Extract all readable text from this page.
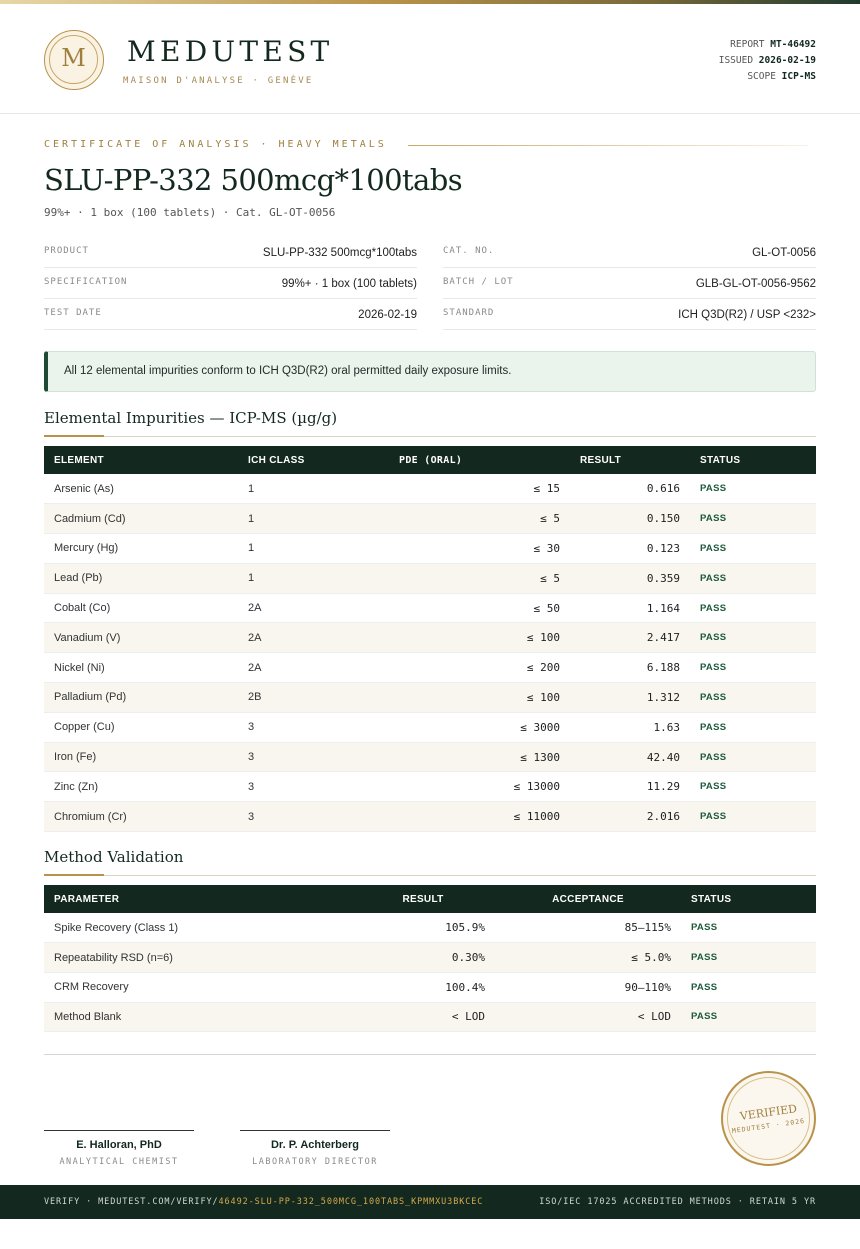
M	MEDUTEST
MAISON D'ANALYSE · GENÈVE
REPORT MT-46492
ISSUED 2026-02-19
SCOPE ICP-MS
CERTIFICATE OF ANALYSIS · HEAVY METALS
SLU-PP-332 500mcg*100tabs
99%+ · 1 box (100 tablets) · Cat. GL-OT-0056
PRODUCT	SLU-PP-332 500mcg*100tabs
SPECIFICATION	99%+ · 1 box (100 tablets)
TEST DATE	2026-02-19
CAT. NO.	GL-OT-0056
BATCH / LOT	GLB-GL-OT-0056-9562
STANDARD	ICH Q3D(R2) / USP <232>
All 12 elemental impurities conform to ICH Q3D(R2) oral permitted daily exposure limits.
Elemental Impurities — ICP-MS (µg/g)
ELEMENT	ICH CLASS	PDE (ORAL)	RESULT	STATUS
Arsenic (As)	1	≤ 15	0.616	PASS
Cadmium (Cd)	1	≤ 5	0.150	PASS
Mercury (Hg)	1	≤ 30	0.123	PASS
Lead (Pb)	1	≤ 5	0.359	PASS
Cobalt (Co)	2A	≤ 50	1.164	PASS
Vanadium (V)	2A	≤ 100	2.417	PASS
Nickel (Ni)	2A	≤ 200	6.188	PASS
Palladium (Pd)	2B	≤ 100	1.312	PASS
Copper (Cu)	3	≤ 3000	1.63	PASS
Iron (Fe)	3	≤ 1300	42.40	PASS
Zinc (Zn)	3	≤ 13000	11.29	PASS
Chromium (Cr)	3	≤ 11000	2.016	PASS
Method Validation
PARAMETER	RESULT	ACCEPTANCE	STATUS
Spike Recovery (Class 1)	105.9%	85–115%	PASS
Repeatability RSD (n=6)	0.30%	≤ 5.0%	PASS
CRM Recovery	100.4%	90–110%	PASS
Method Blank	< LOD	< LOD	PASS
E. Halloran, PhD
ANALYTICAL CHEMIST
Dr. P. Achterberg
LABORATORY DIRECTOR
VERIFIED
MEDUTEST · 2026
VERIFY · MEDUTEST.COM/VERIFY/46492-SLU-PP-332_500MCG_100TABS_KPMMXU3BKCEC	ISO/IEC 17025 ACCREDITED METHODS · RETAIN 5 YR
